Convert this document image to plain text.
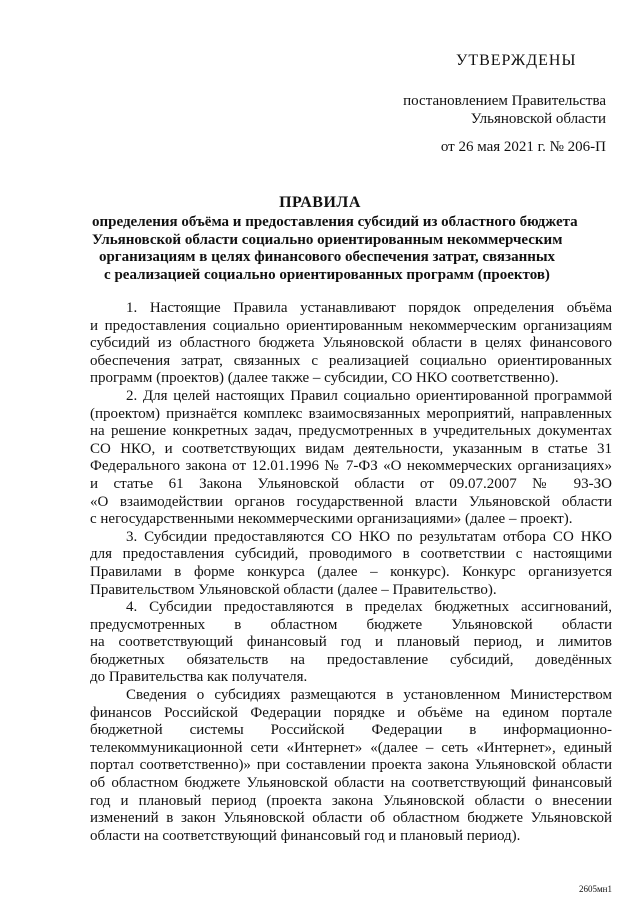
УТВЕРЖДЕНЫ
постановлением Правительства
Ульяновской области
от 26 мая 2021 г. № 206-П
ПРАВИЛА
определения объёма и предоставления субсидий из областного бюджета
Ульяновской области социально ориентированным некоммерческим
организациям в целях финансового обеспечения затрат, связанных
с реализацией социально ориентированных программ (проектов)
1. Настоящие Правила устанавливают порядок определения объёма
и предоставления социально ориентированным некоммерческим организациям
субсидий из областного бюджета Ульяновской области в целях финансового
обеспечения затрат, связанных с реализацией социально ориентированных
программ (проектов) (далее также – субсидии, СО НКО соответственно).
2. Для целей настоящих Правил социально ориентированной программой
(проектом) признаётся комплекс взаимосвязанных мероприятий, направленных
на решение конкретных задач, предусмотренных в учредительных документах
СО НКО, и соответствующих видам деятельности, указанным в статье 31
Федерального закона от 12.01.1996 № 7-ФЗ «О некоммерческих организациях»
и статье 61 Закона Ульяновской области от 09.07.2007 № 93-ЗО
«О взаимодействии органов государственной власти Ульяновской области
с негосударственными некоммерческими организациями» (далее – проект).
3. Субсидии предоставляются СО НКО по результатам отбора СО НКО
для предоставления субсидий, проводимого в соответствии с настоящими
Правилами в форме конкурса (далее – конкурс). Конкурс организуется
Правительством Ульяновской области (далее – Правительство).
4. Субсидии предоставляются в пределах бюджетных ассигнований,
предусмотренных в областном бюджете Ульяновской области
на соответствующий финансовый год и плановый период, и лимитов
бюджетных обязательств на предоставление субсидий, доведённых
до Правительства как получателя.
Сведения о субсидиях размещаются в установленном Министерством
финансов Российской Федерации порядке и объёме на едином портале
бюджетной системы Российской Федерации в информационно-
телекоммуникационной сети «Интернет» «(далее – сеть «Интернет», единый
портал соответственно)» при составлении проекта закона Ульяновской области
об областном бюджете Ульяновской области на соответствующий финансовый
год и плановый период (проекта закона Ульяновской области о внесении
изменений в закон Ульяновской области об областном бюджете Ульяновской
области на соответствующий финансовый год и плановый период).
2605мн1
